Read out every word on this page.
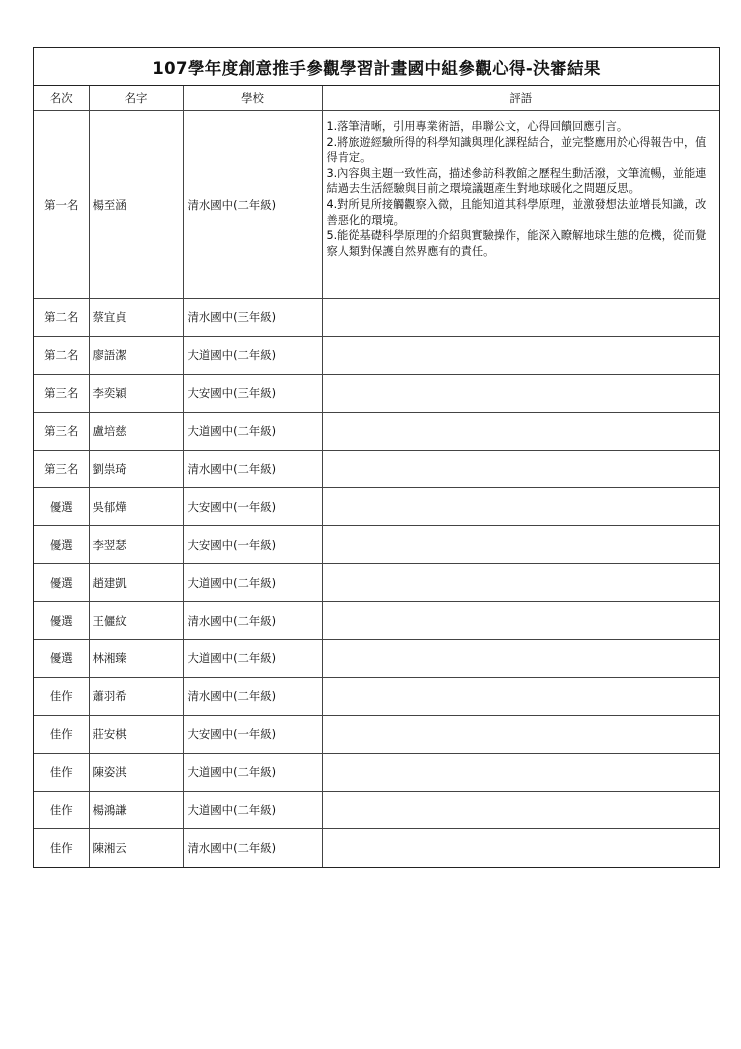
107學年度創意推手參觀學習計畫國中組參觀心得-決審結果
名次	名字	學校	評語
第一名	楊至涵	清水國中(二年級)	1.落筆清晰，引用專業術語，串聯公文，心得回饋回應引言。
2.將旅遊經驗所得的科學知識與理化課程結合，並完整應用於心得報告中，值得肯定。
3.內容與主題一致性高，描述參訪科教館之歷程生動活潑，文筆流暢，並能連結過去生活經驗與目前之環境議題產生對地球暖化之問題反思。
4.對所見所接觸觀察入微，且能知道其科學原理，並激發想法並增長知識，改善惡化的環境。
5.能從基礎科學原理的介紹與實驗操作，能深入瞭解地球生態的危機，從而覺察人類對保護自然界應有的責任。

第二名	蔡宜貞	清水國中(三年級)	
第二名	廖語潔	大道國中(二年級)	
第三名	李奕穎	大安國中(三年級)	
第三名	盧培慈	大道國中(二年級)	
第三名	劉祟琦	清水國中(二年級)	
優選	吳郁燁	大安國中(一年級)	
優選	李翌瑟	大安國中(一年級)	
優選	趙建凱	大道國中(二年級)	
優選	王儷紋	清水國中(二年級)	
優選	林湘臻	大道國中(二年級)	
佳作	蕭羽希	清水國中(二年級)	
佳作	莊安棋	大安國中(一年級)	
佳作	陳姿淇	大道國中(二年級)	
佳作	楊鴻謙	大道國中(二年級)	
佳作	陳湘云	清水國中(二年級)	
